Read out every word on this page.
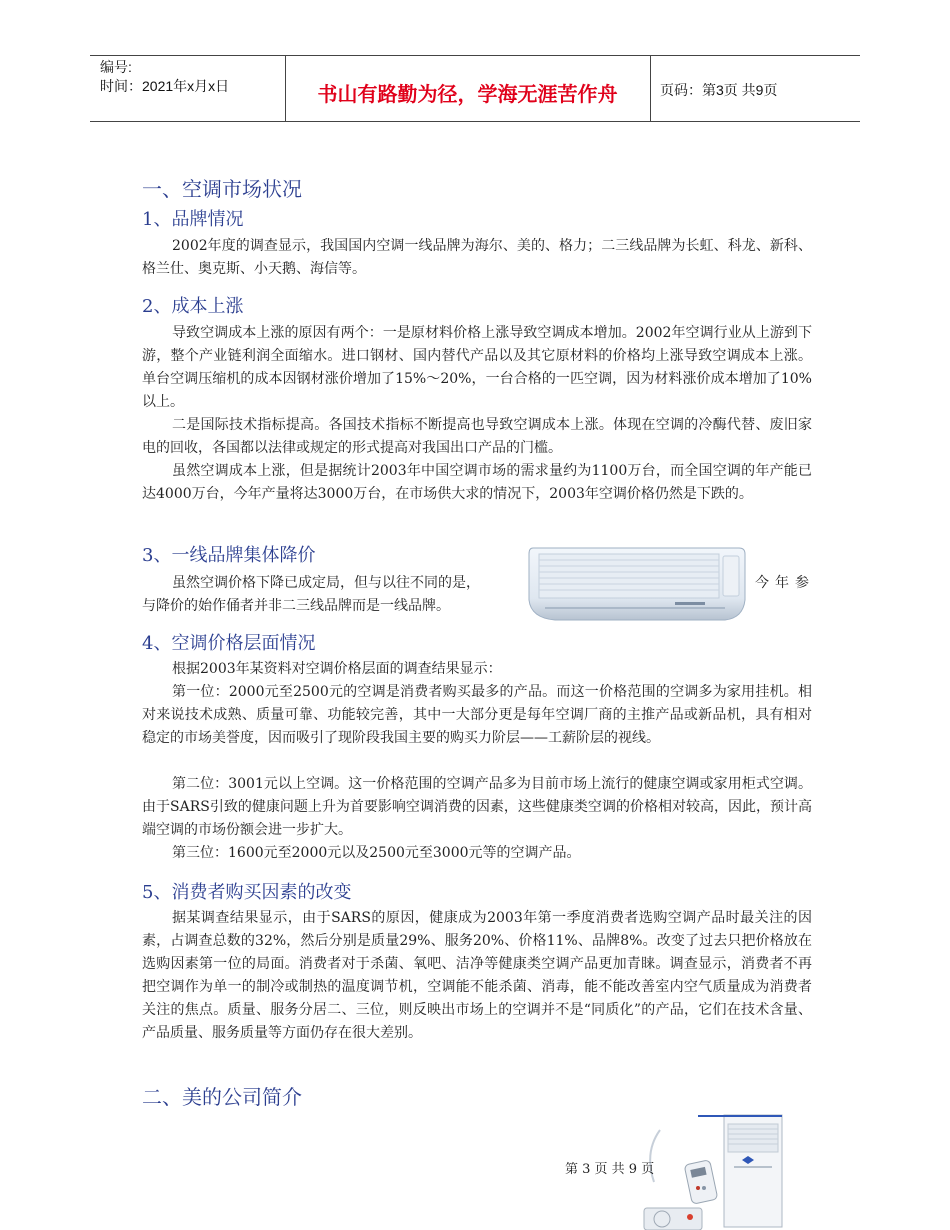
编号:
时间：2021年x月x日	书山有路勤为径，学海无涯苦作舟	页码：第3页 共9页
一、空调市场状况
1、品牌情况
2002年度的调查显示，我国国内空调一线品牌为海尔、美的、格力；二三线品牌为长虹、科龙、新科、格兰仕、奥克斯、小天鹅、海信等。
2、成本上涨
导致空调成本上涨的原因有两个：一是原材料价格上涨导致空调成本增加。2002年空调行业从上游到下游，整个产业链利润全面缩水。进口钢材、国内替代产品以及其它原材料的价格均上涨导致空调成本上涨。单台空调压缩机的成本因钢材涨价增加了15%～20%，一台合格的一匹空调，因为材料涨价成本增加了10%以上。
二是国际技术指标提高。各国技术指标不断提高也导致空调成本上涨。体现在空调的冷酶代替、废旧家电的回收，各国都以法律或规定的形式提高对我国出口产品的门槛。
虽然空调成本上涨，但是据统计2003年中国空调市场的需求量约为1100万台，而全国空调的年产能已达4000万台，今年产量将达3000万台，在市场供大求的情况下，2003年空调价格仍然是下跌的。
3、一线品牌集体降价
虽然空调价格下降已成定局，但与以往不同的是，	今年参
与降价的始作俑者并非二三线品牌而是一线品牌。
4、空调价格层面情况
根据2003年某资料对空调价格层面的调查结果显示：
第一位：2000元至2500元的空调是消费者购买最多的产品。而这一价格范围的空调多为家用挂机。相对来说技术成熟、质量可靠、功能较完善，其中一大部分更是每年空调厂商的主推产品或新品机，具有相对稳定的市场美誉度，因而吸引了现阶段我国主要的购买力阶层——工薪阶层的视线。
第二位：3001元以上空调。这一价格范围的空调产品多为目前市场上流行的健康空调或家用柜式空调。由于SARS引致的健康问题上升为首要影响空调消费的因素，这些健康类空调的价格相对较高，因此，预计高端空调的市场份额会进一步扩大。
第三位：1600元至2000元以及2500元至3000元等的空调产品。
5、消费者购买因素的改变
据某调查结果显示，由于SARS的原因，健康成为2003年第一季度消费者选购空调产品时最关注的因素，占调查总数的32%，然后分别是质量29%、服务20%、价格11%、品牌8%。改变了过去只把价格放在选购因素第一位的局面。消费者对于杀菌、氧吧、洁净等健康类空调产品更加青睐。调查显示，消费者不再把空调作为单一的制冷或制热的温度调节机，空调能不能杀菌、消毒，能不能改善室内空气质量成为消费者关注的焦点。质量、服务分居二、三位，则反映出市场上的空调并不是“同质化”的产品，它们在技术含量、产品质量、服务质量等方面仍存在很大差别。
二、美的公司简介
第 3 页 共 9 页
